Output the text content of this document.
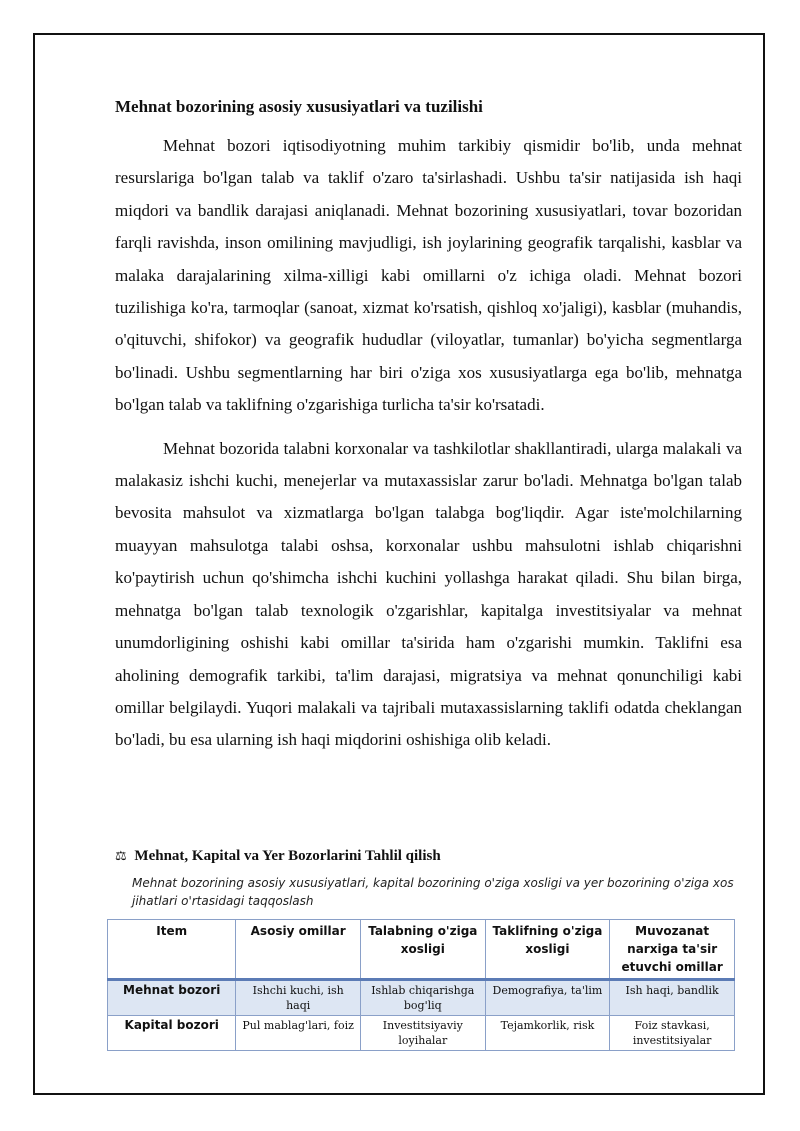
Mehnat bozorining asosiy xususiyatlari va tuzilishi

Mehnat bozori iqtisodiyotning muhim tarkibiy qismidir bo'lib, unda mehnat resurslariga bo'lgan talab va taklif o'zaro ta'sirlashadi. Ushbu ta'sir natijasida ish haqi miqdori va bandlik darajasi aniqlanadi. Mehnat bozorining xususiyatlari, tovar bozoridan farqli ravishda, inson omilining mavjudligi, ish joylarining geografik tarqalishi, kasblar va malaka darajalarining xilma-xilligi kabi omillarni o'z ichiga oladi. Mehnat bozori tuzilishiga ko'ra, tarmoqlar (sanoat, xizmat ko'rsatish, qishloq xo'jaligi), kasblar (muhandis, o'qituvchi, shifokor) va geografik hududlar (viloyatlar, tumanlar) bo'yicha segmentlarga bo'linadi. Ushbu segmentlarning har biri o'ziga xos xususiyatlarga ega bo'lib, mehnatga bo'lgan talab va taklifning o'zgarishiga turlicha ta'sir ko'rsatadi.

Mehnat bozorida talabni korxonalar va tashkilotlar shakllantiradi, ularga malakali va malakasiz ishchi kuchi, menejerlar va mutaxassislar zarur bo'ladi. Mehnatga bo'lgan talab bevosita mahsulot va xizmatlarga bo'lgan talabga bog'liqdir. Agar iste'molchilarning muayyan mahsulotga talabi oshsa, korxonalar ushbu mahsulotni ishlab chiqarishni ko'paytirish uchun qo'shimcha ishchi kuchini yollashga harakat qiladi. Shu bilan birga, mehnatga bo'lgan talab texnologik o'zgarishlar, kapitalga investitsiyalar va mehnat unumdorligining oshishi kabi omillar ta'sirida ham o'zgarishi mumkin. Taklifni esa aholining demografik tarkibi, ta'lim darajasi, migratsiya va mehnat qonunchiligi kabi omillar belgilaydi. Yuqori malakali va tajribali mutaxassislarning taklifi odatda cheklangan bo'ladi, bu esa ularning ish haqi miqdorini oshishiga olib keladi.

⚖ Mehnat, Kapital va Yer Bozorlarini Tahlil qilish
Mehnat bozorining asosiy xususiyatlari, kapital bozorining o'ziga xosligi va yer bozorining o'ziga xos jihatlari o'rtasidagi taqqoslash
Item	Asosiy omillar	Talabning o'ziga xosligi	Taklifning o'ziga xosligi	Muvozanat narxiga ta'sir etuvchi omillar
Mehnat bozori	Ishchi kuchi, ish haqi	Ishlab chiqarishga bog'liq	Demografiya, ta'lim	Ish haqi, bandlik
Kapital bozori	Pul mablag'lari, foiz	Investitsiyaviy loyihalar	Tejamkorlik, risk	Foiz stavkasi, investitsiyalar
